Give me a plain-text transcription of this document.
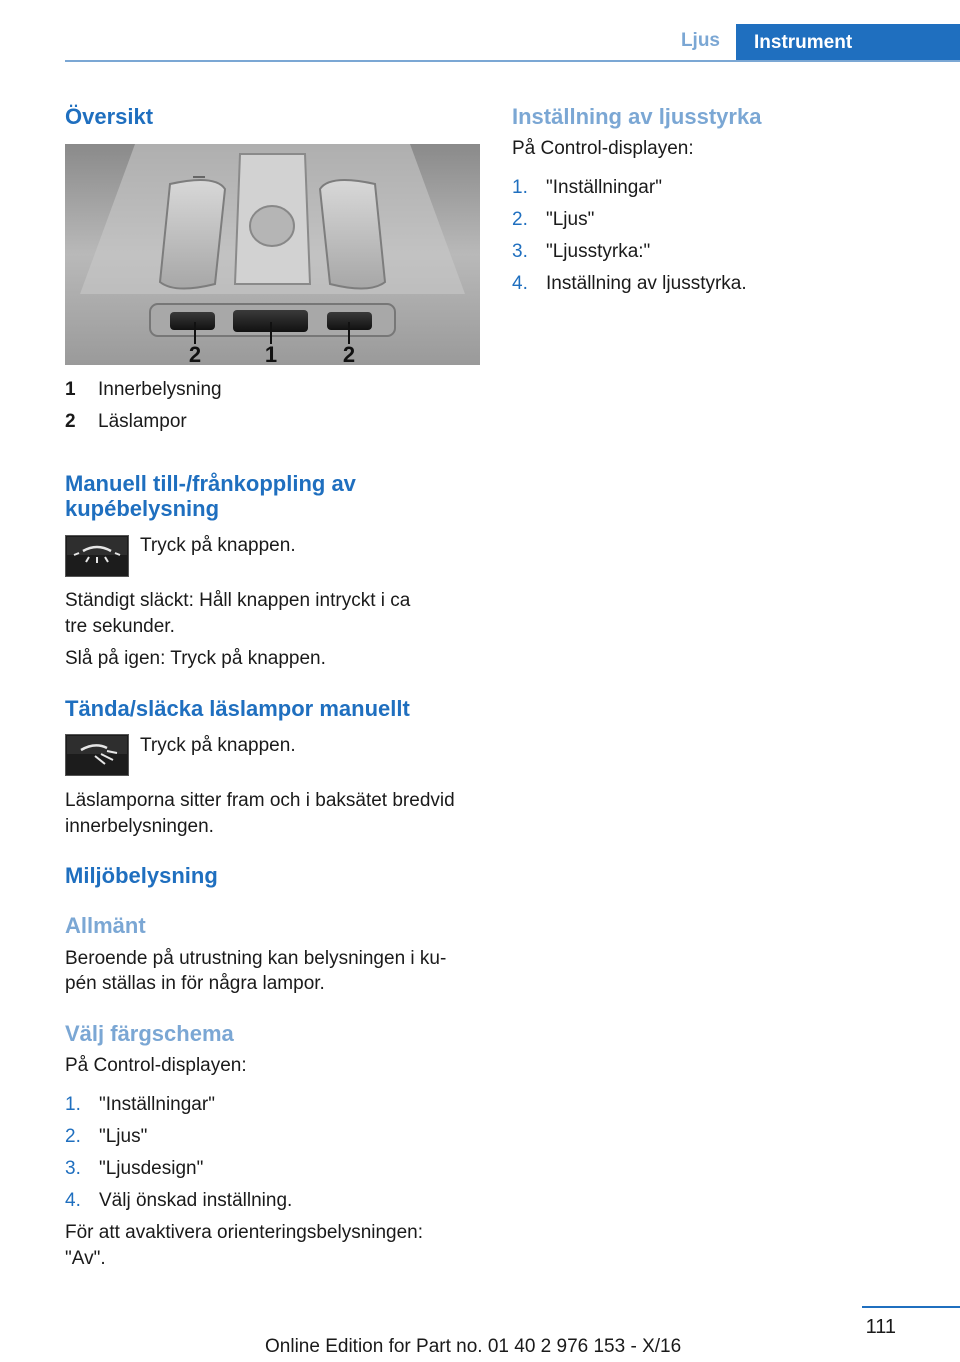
Ljus	Instrument
Översikt
2	1	2
1 Innerbelysning
2 Läslampor
Manuell till-/frånkoppling av
kupébelysning

Tryck på knappen.

Ständigt släckt: Håll knappen intryckt i ca

tre sekunder.

Slå på igen: Tryck på knappen.

Tända/släcka läslampor manuellt

Tryck på knappen.

Läslamporna sitter fram och i baksätet bredvid

innerbelysningen.

Miljöbelysning
Allmänt

Beroende på utrustning kan belysningen i ku‐

pén ställas in för några lampor.

Välj färgschema

På Control-displayen:

1. "Inställningar"
2. "Ljus"
3. "Ljusdesign"
4. Välj önskad inställning.

För att avaktivera orienteringsbelysningen:

"Av".

Inställning av ljusstyrka

På Control-displayen:

1. "Inställningar"
2. "Ljus"
3. "Ljusstyrka:"
4. Inställning av ljusstyrka.
111
Online Edition for Part no. 01 40 2 976 153 - X/16
